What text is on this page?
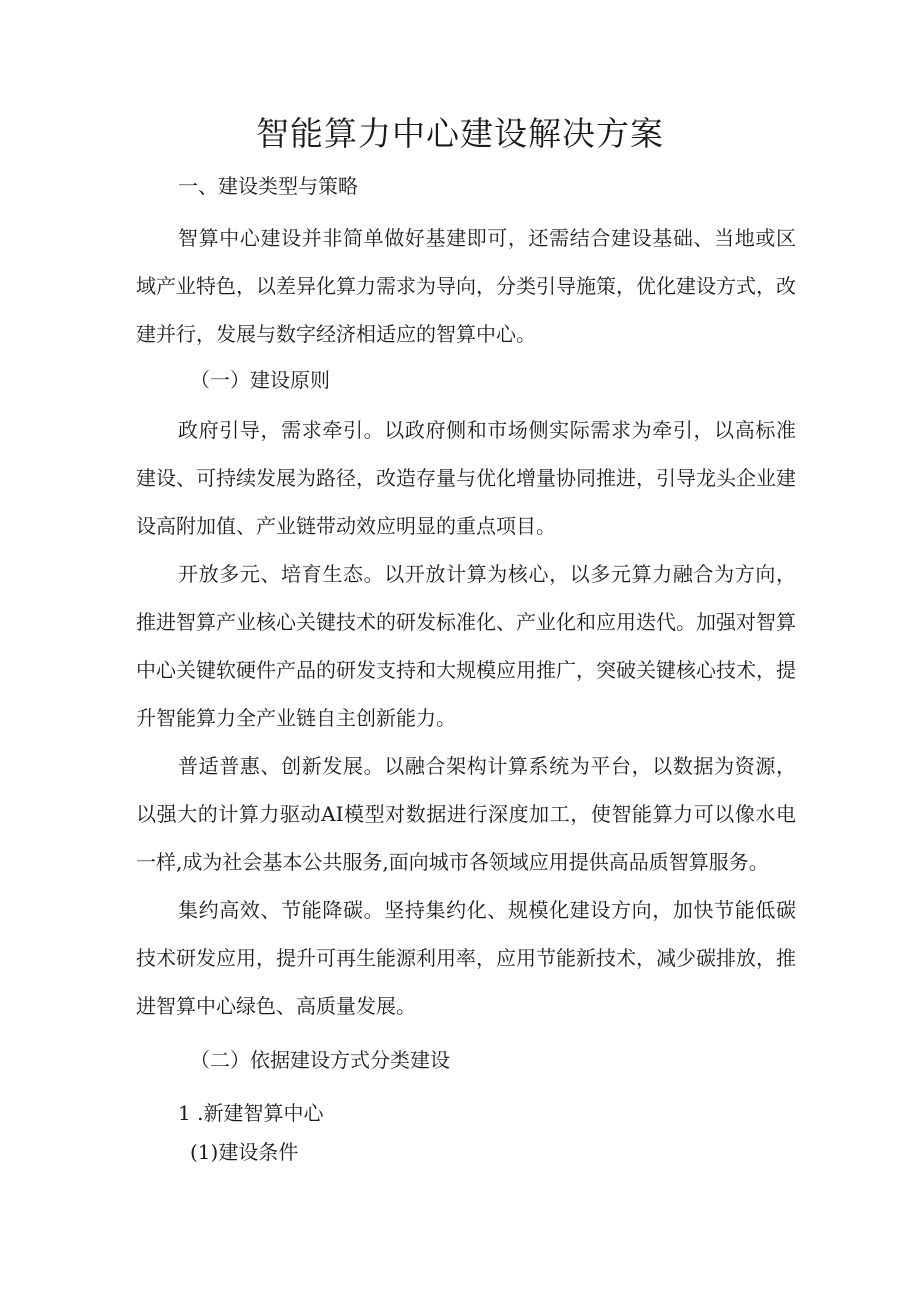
智能算力中心建设解决方案

一、建设类型与策略

智算中心建设并非简单做好基建即可，还需结合建设基础、当地或区域产业特色，以差异化算力需求为导向，分类引导施策，优化建设方式，改建并行，发展与数字经济相适应的智算中心。

（一）建设原则

政府引导，需求牵引。以政府侧和市场侧实际需求为牵引，以高标准建设、可持续发展为路径，改造存量与优化增量协同推进，引导龙头企业建设高附加值、产业链带动效应明显的重点项目。

开放多元、培育生态。以开放计算为核心，以多元算力融合为方向，推进智算产业核心关键技术的研发标准化、产业化和应用迭代。加强对智算中心关键软硬件产品的研发支持和大规模应用推广，突破关键核心技术，提升智能算力全产业链自主创新能力。

普适普惠、创新发展。以融合架构计算系统为平台，以数据为资源，以强大的计算力驱动AI模型对数据进行深度加工，使智能算力可以像水电一样,成为社会基本公共服务,面向城市各领域应用提供高品质智算服务。

集约高效、节能降碳。坚持集约化、规模化建设方向，加快节能低碳技术研发应用，提升可再生能源利用率，应用节能新技术，减少碳排放，推进智算中心绿色、高质量发展。

（二）依据建设方式分类建设

1 .新建智算中心

(1)建设条件
